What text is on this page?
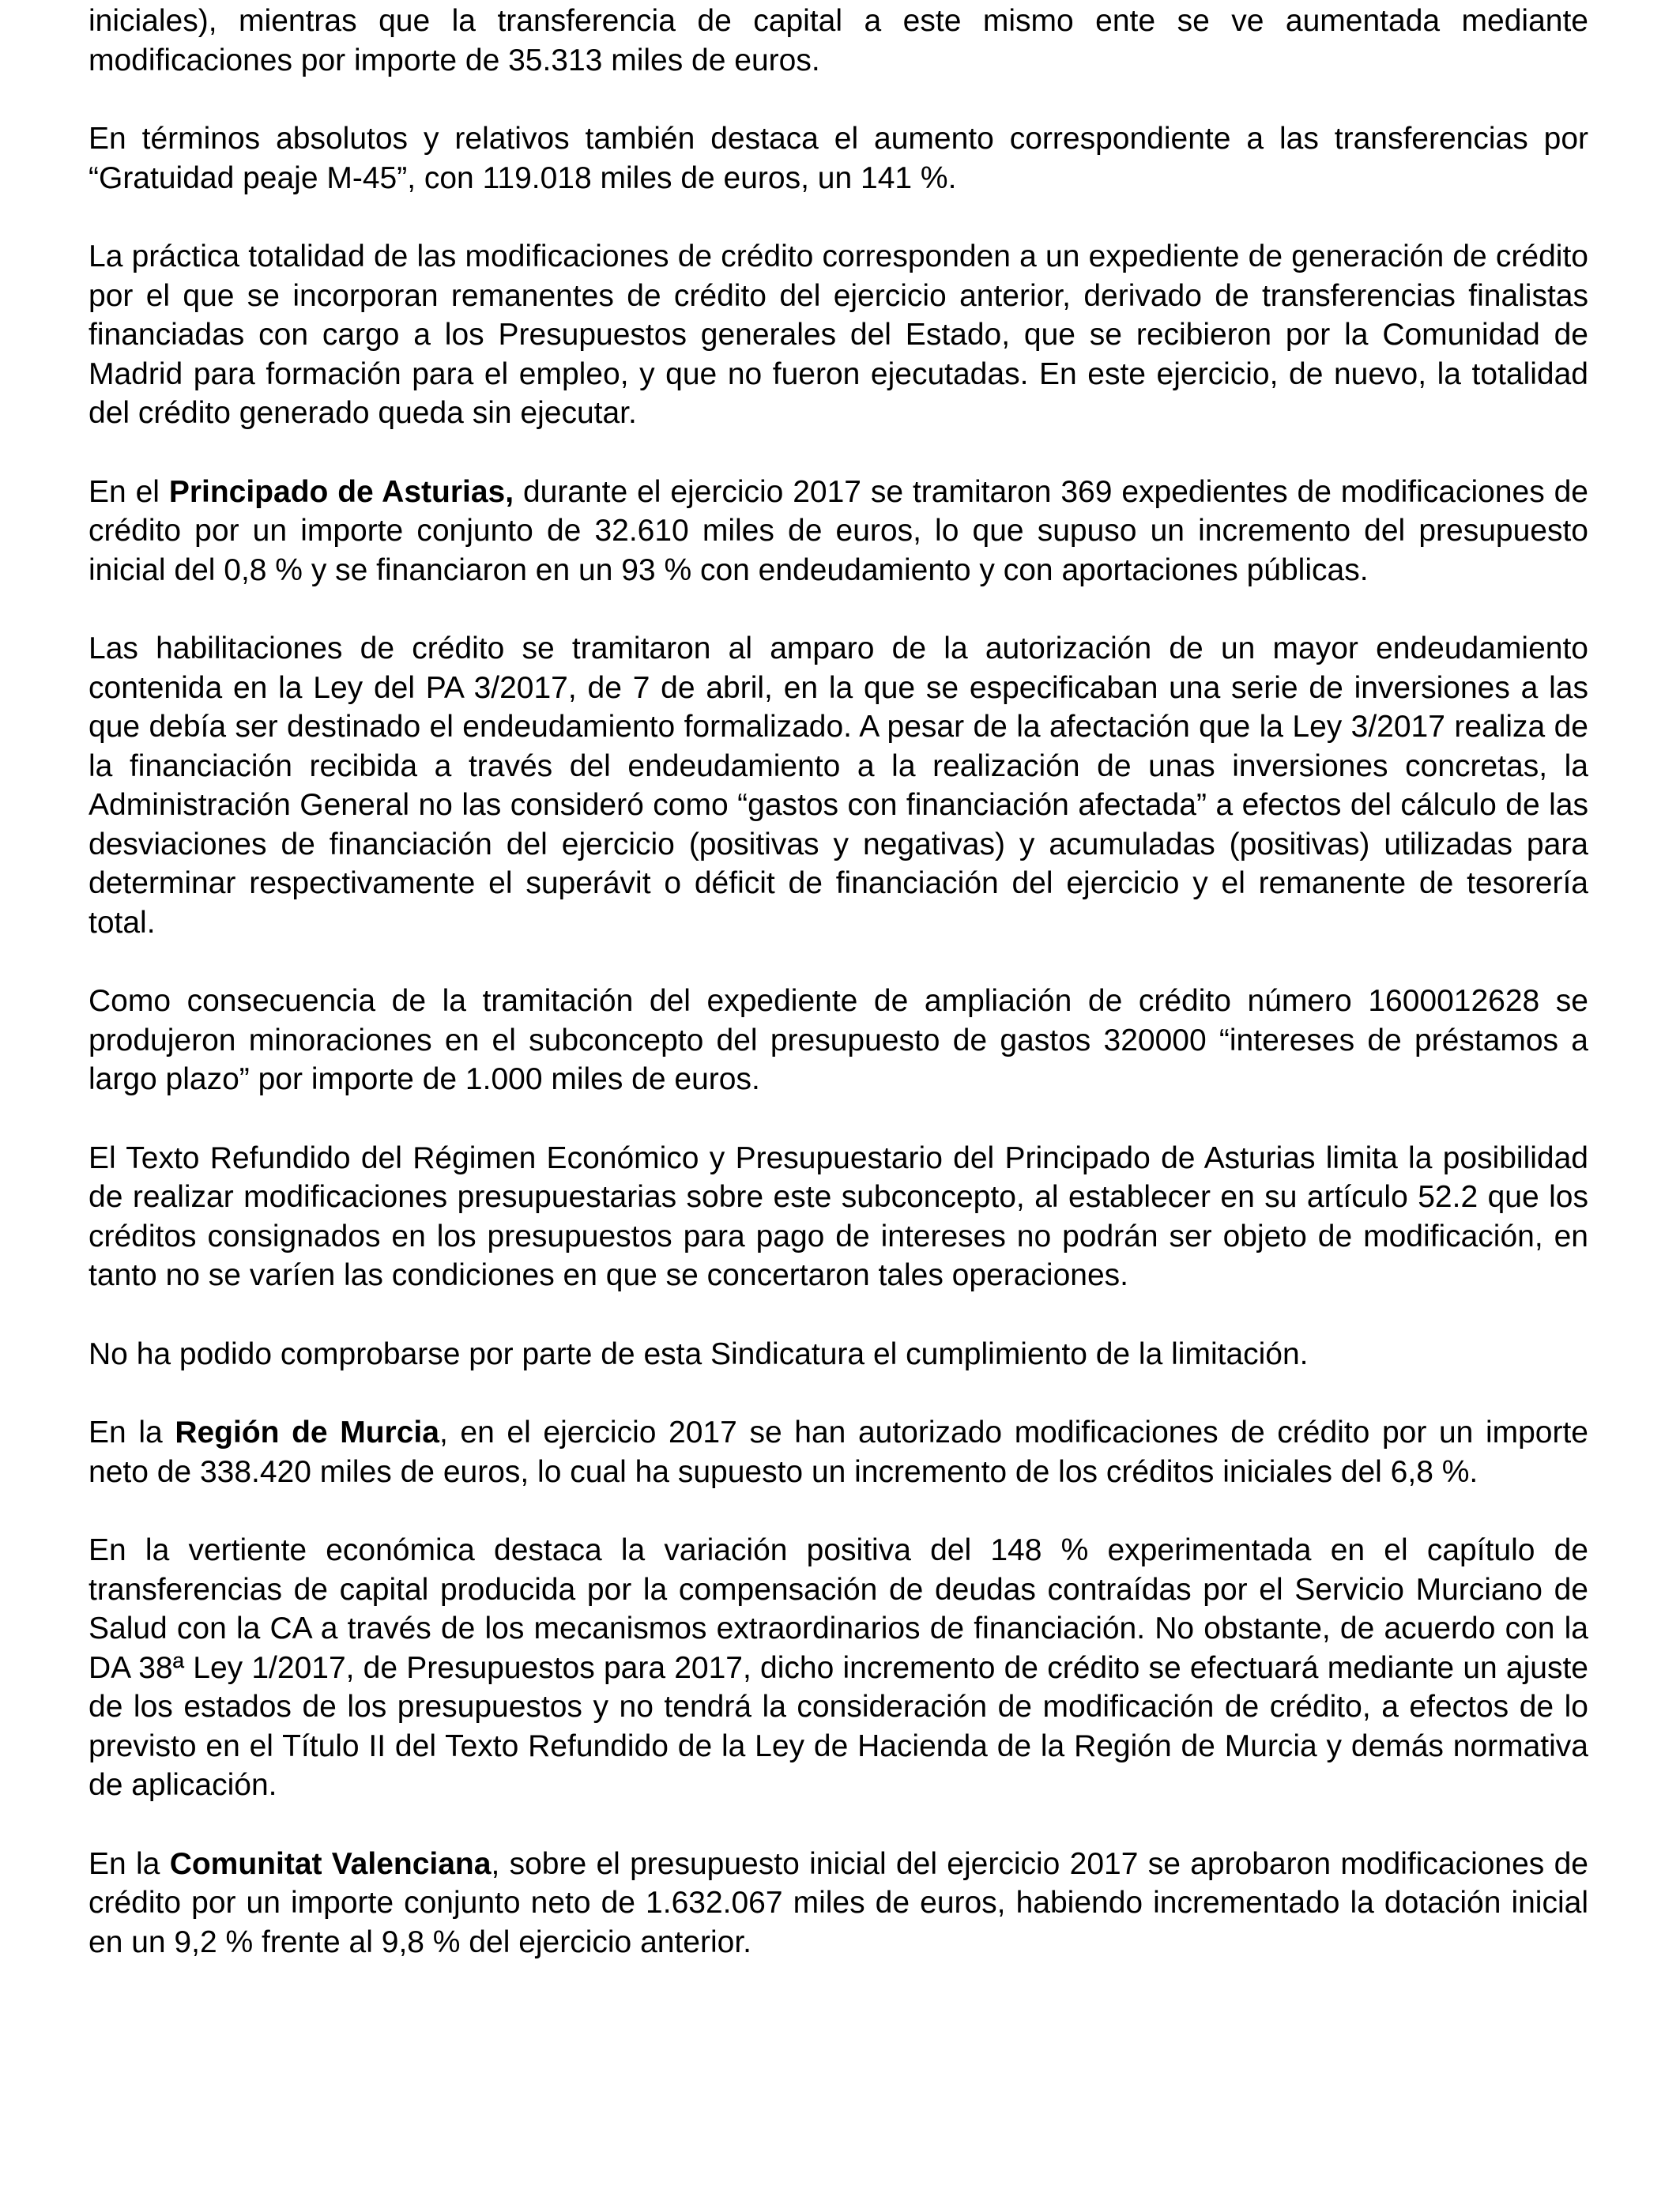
iniciales), mientras que la transferencia de capital a este mismo ente se ve aumentada mediante modificaciones por importe de 35.313 miles de euros.

En términos absolutos y relativos también destaca el aumento correspondiente a las transferencias por “Gratuidad peaje M-45”, con 119.018 miles de euros, un 141 %.

La práctica totalidad de las modificaciones de crédito corresponden a un expediente de generación de crédito por el que se incorporan remanentes de crédito del ejercicio anterior, derivado de transferencias finalistas financiadas con cargo a los Presupuestos generales del Estado, que se recibieron por la Comunidad de Madrid para formación para el empleo, y que no fueron ejecutadas. En este ejercicio, de nuevo, la totalidad del crédito generado queda sin ejecutar.

En el Principado de Asturias, durante el ejercicio 2017 se tramitaron 369 expedientes de modificaciones de crédito por un importe conjunto de 32.610 miles de euros, lo que supuso un incremento del presupuesto inicial del 0,8 % y se financiaron en un 93 % con endeudamiento y con aportaciones públicas.

Las habilitaciones de crédito se tramitaron al amparo de la autorización de un mayor endeudamiento contenida en la Ley del PA 3/2017, de 7 de abril, en la que se especificaban una serie de inversiones a las que debía ser destinado el endeudamiento formalizado. A pesar de la afectación que la Ley 3/2017 realiza de la financiación recibida a través del endeudamiento a la realización de unas inversiones concretas, la Administración General no las consideró como “gastos con financiación afectada” a efectos del cálculo de las desviaciones de financiación del ejercicio (positivas y negativas) y acumuladas (positivas) utilizadas para determinar respectivamente el superávit o déficit de financiación del ejercicio y el remanente de tesorería total.

Como consecuencia de la tramitación del expediente de ampliación de crédito número 1600012628 se produjeron minoraciones en el subconcepto del presupuesto de gastos 320000 “intereses de préstamos a largo plazo” por importe de 1.000 miles de euros.

El Texto Refundido del Régimen Económico y Presupuestario del Principado de Asturias limita la posibilidad de realizar modificaciones presupuestarias sobre este subconcepto, al establecer en su artículo 52.2 que los créditos consignados en los presupuestos para pago de intereses no podrán ser objeto de modificación, en tanto no se varíen las condiciones en que se concertaron tales operaciones.

No ha podido comprobarse por parte de esta Sindicatura el cumplimiento de la limitación.

En la Región de Murcia, en el ejercicio 2017 se han autorizado modificaciones de crédito por un importe neto de 338.420 miles de euros, lo cual ha supuesto un incremento de los créditos iniciales del 6,8 %.

En la vertiente económica destaca la variación positiva del 148 % experimentada en el capítulo de transferencias de capital producida por la compensación de deudas contraídas por el Servicio Murciano de Salud con la CA a través de los mecanismos extraordinarios de financiación. No obstante, de acuerdo con la DA 38ª Ley 1/2017, de Presupuestos para 2017, dicho incremento de crédito se efectuará mediante un ajuste de los estados de los presupuestos y no tendrá la consideración de modificación de crédito, a efectos de lo previsto en el Título II del Texto Refundido de la Ley de Hacienda de la Región de Murcia y demás normativa de aplicación.

En la Comunitat Valenciana, sobre el presupuesto inicial del ejercicio 2017 se aprobaron modificaciones de crédito por un importe conjunto neto de 1.632.067 miles de euros, habiendo incrementado la dotación inicial en un 9,2 % frente al 9,8 % del ejercicio anterior.
